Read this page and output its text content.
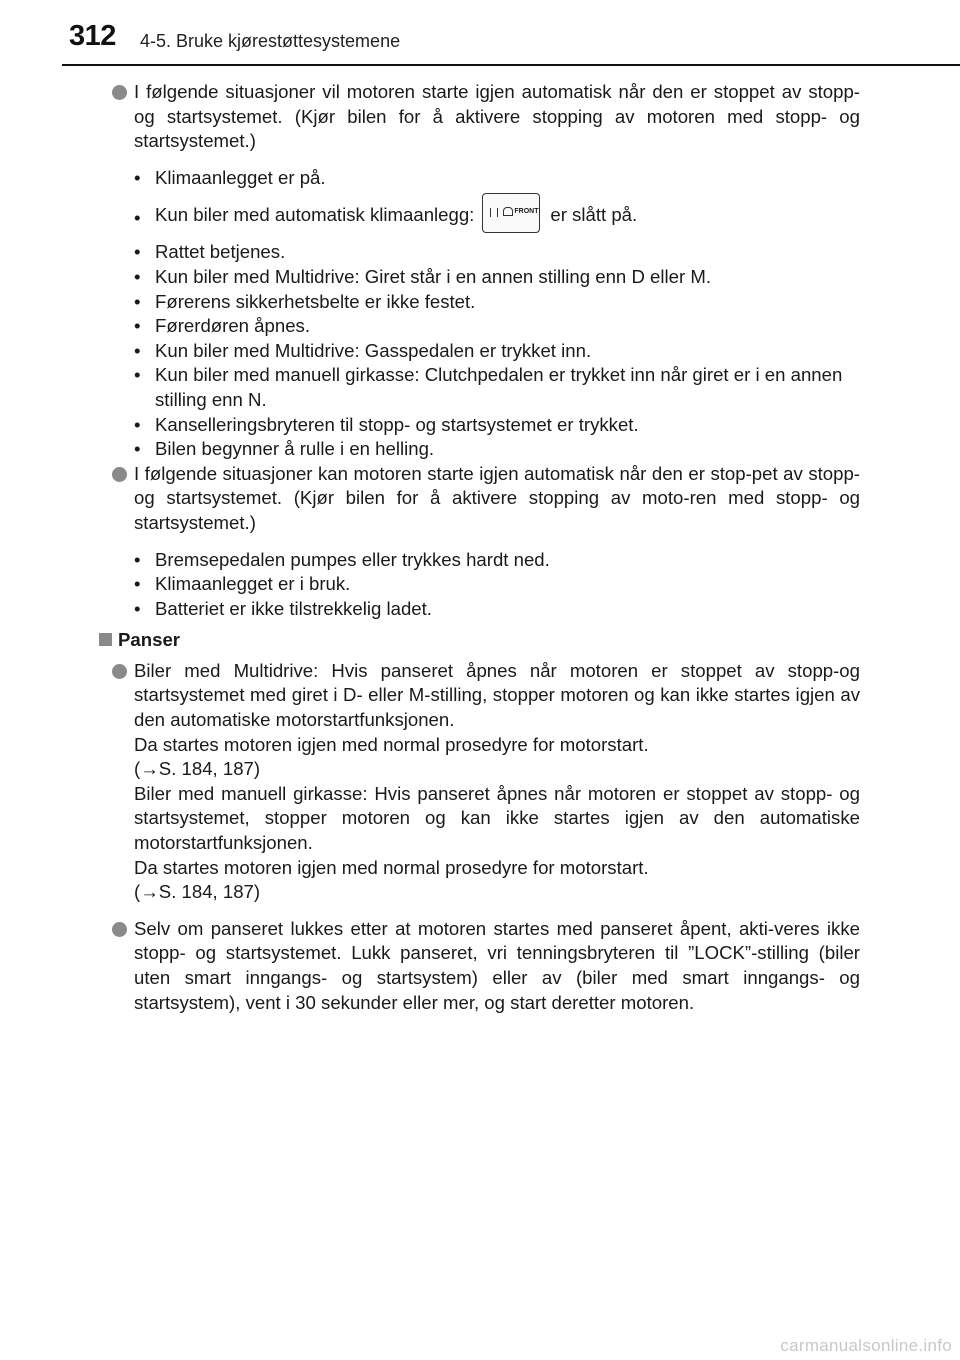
312 4-5. Bruke kjørestøttesystemene
I følgende situasjoner vil motoren starte igjen automatisk når den er stoppet av stopp- og startsystemet. (Kjør bilen for å aktivere stopping av motoren med stopp- og startsystemet.)
• Klimaanlegget er på.
• Kun biler med automatisk klimaanlegg:	FRONT er slått på.
• Rattet betjenes.
• Kun biler med Multidrive: Giret står i en annen stilling enn D eller M.
• Førerens sikkerhetsbelte er ikke festet.
• Førerdøren åpnes.
• Kun biler med Multidrive: Gasspedalen er trykket inn.
• Kun biler med manuell girkasse: Clutchpedalen er trykket inn når giret er i en annen stilling enn N.
• Kanselleringsbryteren til stopp- og startsystemet er trykket.
• Bilen begynner å rulle i en helling.
I følgende situasjoner kan motoren starte igjen automatisk når den er stop-pet av stopp- og startsystemet. (Kjør bilen for å aktivere stopping av moto-ren med stopp- og startsystemet.)
• Bremsepedalen pumpes eller trykkes hardt ned.
• Klimaanlegget er i bruk.
• Batteriet er ikke tilstrekkelig ladet.
Panser
Biler med Multidrive: Hvis panseret åpnes når motoren er stoppet av stopp-og startsystemet med giret i D- eller M-stilling, stopper motoren og kan ikke startes igjen av den automatiske motorstartfunksjonen.
Da startes motoren igjen med normal prosedyre for motorstart.
(→S. 184, 187)
Biler med manuell girkasse: Hvis panseret åpnes når motoren er stoppet av stopp- og startsystemet, stopper motoren og kan ikke startes igjen av den automatiske motorstartfunksjonen.
Da startes motoren igjen med normal prosedyre for motorstart.
(→S. 184, 187)
Selv om panseret lukkes etter at motoren startes med panseret åpent, akti-veres ikke stopp- og startsystemet. Lukk panseret, vri tenningsbryteren til ”LOCK”-stilling (biler uten smart inngangs- og startsystem) eller av (biler med smart inngangs- og startsystem), vent i 30 sekunder eller mer, og start deretter motoren.
carmanualsonline.info
